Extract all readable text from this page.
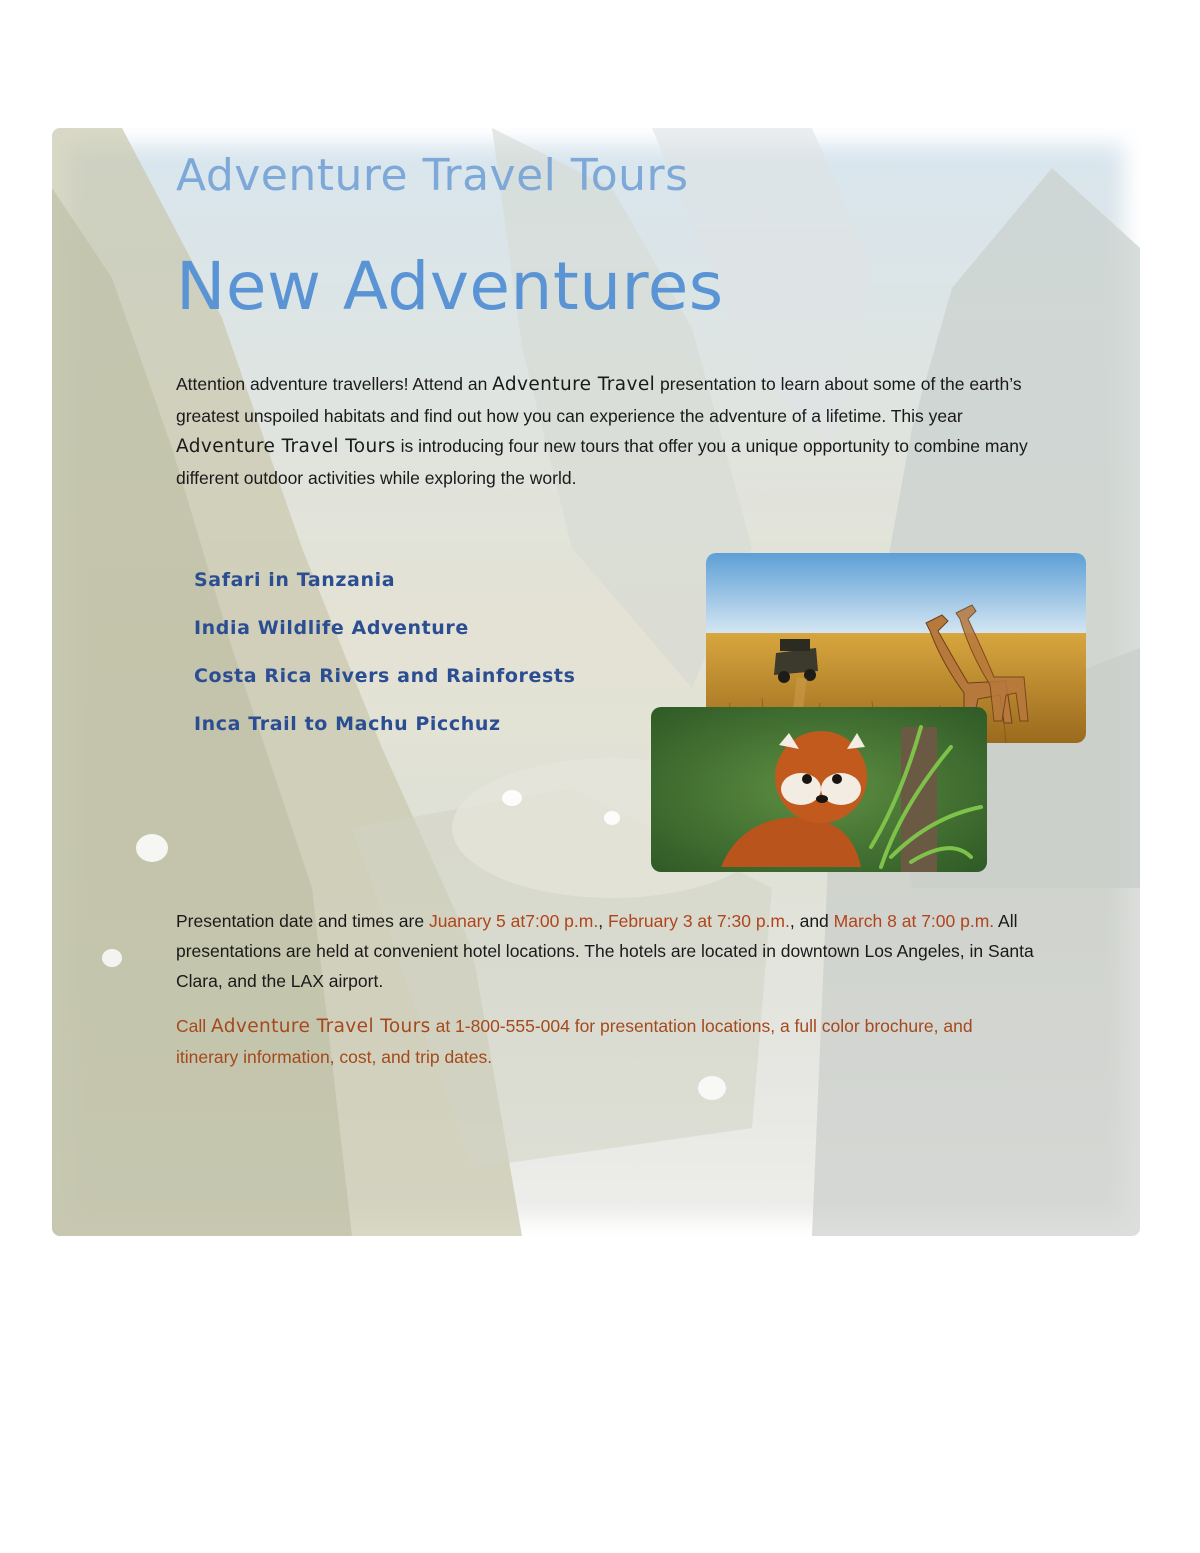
Adventure Travel Tours
New Adventures

Attention adventure travellers! Attend an Adventure Travel presentation to learn about some of the earth’s greatest unspoiled habitats and find out how you can experience the adventure of a lifetime. This year Adventure Travel Tours is introducing four new tours that offer you a unique opportunity to combine many different outdoor activities while exploring the world.

Safari in Tanzania
India Wildlife Adventure
Costa Rica Rivers and Rainforests
Inca Trail to Machu Picchuz

Presentation date and times are Juanary 5 at7:00 p.m., February 3 at 7:30 p.m., and March 8 at 7:00 p.m. All presentations are held at convenient hotel locations. The hotels are located in downtown Los Angeles, in Santa Clara, and the LAX airport.

Call Adventure Travel Tours at 1-800-555-004 for presentation locations, a full color brochure, and itinerary information, cost, and trip dates.
